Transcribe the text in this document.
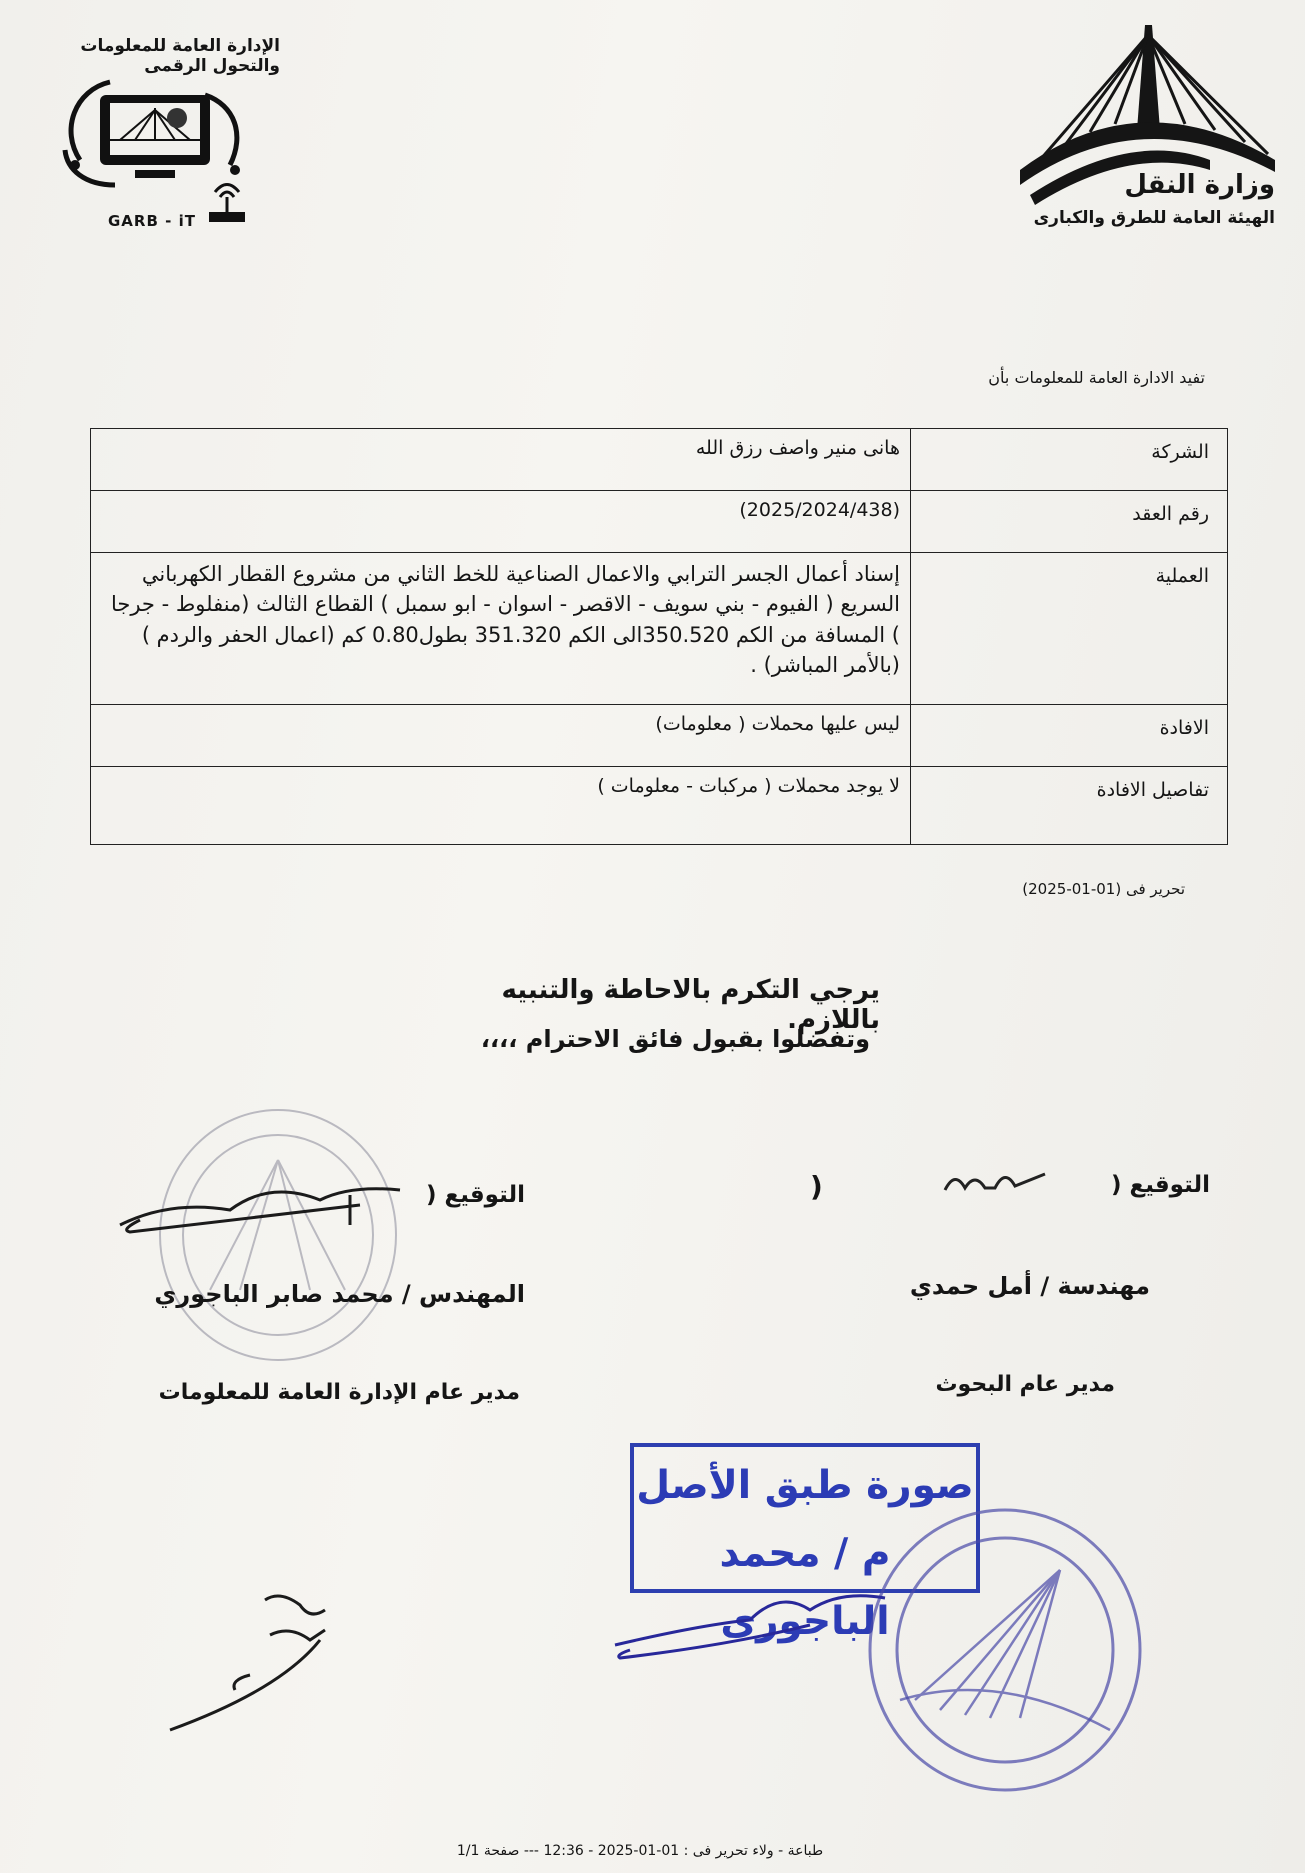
الإدارة العامة للمعلومات والتحول الرقمى
GARB - iT
وزارة النقل
الهيئة العامة للطرق والكبارى
تفيد الادارة العامة للمعلومات بأن
الشركة	هانى منير واصف رزق الله
رقم العقد	(2025/2024/438)
العملية	إسناد أعمال الجسر الترابي والاعمال الصناعية للخط الثاني من مشروع القطار الكهرباني السريع ( الفيوم - بني سويف - الاقصر - اسوان - ابو سمبل ) القطاع الثالث (منفلوط - جرجا ) المسافة من الكم 350.520الى الكم 351.320 بطول0.80 كم (اعمال الحفر والردم ) (بالأمر المباشر) .
الافادة	ليس عليها محملات ( معلومات)
تفاصيل الافادة	لا يوجد محملات ( مركبات - معلومات )
تحرير فى (01-01-2025)
يرجي التكرم بالاحاطة والتنبيه باللازم.
وتفضلوا بقبول فائق الاحترام ،،،،
التوقيع (
)
مهندسة / أمل حمدي
مدير عام البحوث
التوقيع (
المهندس / محمد صابر الباجوري
مدير عام الإدارة العامة للمعلومات
صورة طبق الأصل
م / محمد الباجورى
طباعة - ولاء تحرير فى : 01-01-2025 - 12:36 --- صفحة 1/1
